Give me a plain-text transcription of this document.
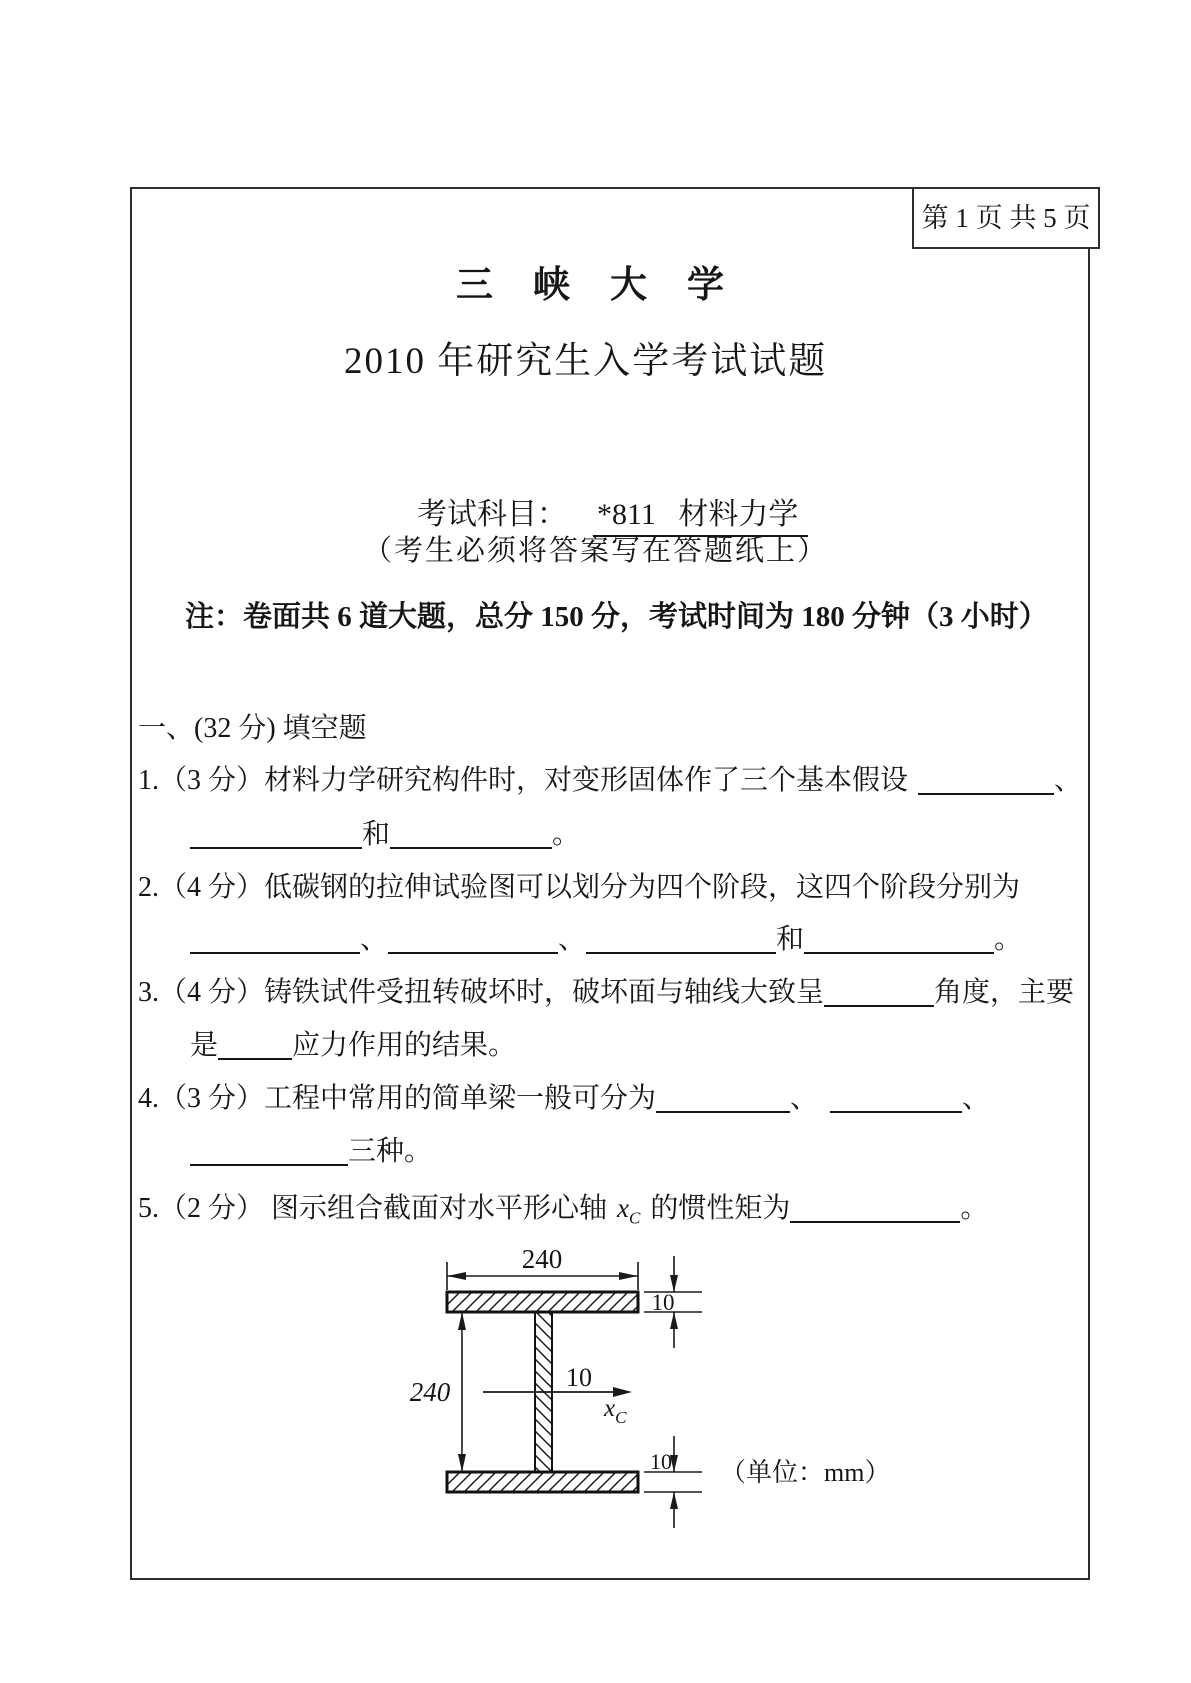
第 1 页 共 5 页
三峡大学
2010 年研究生入学考试试题

考试科目： *811   材料力学

（考生必须将答案写在答题纸上）
注：卷面共 6 道大题，总分 150 分，考试时间为 180 分钟（3 小时）
一、(32 分) 填空题
1.（3 分）材料力学研究构件时，对变形固体作了三个基本假设	、
和	。
2.（4 分）低碳钢的拉伸试验图可以划分为四个阶段，这四个阶段分别为
、	、	和	。
3.（4 分）铸铁试件受扭转破坏时，破坏面与轴线大致呈	角度，主要
是	应力作用的结果。
4.（3 分）工程中常用的简单梁一般可分为	、	、
三种。
5.（2 分） 图示组合截面对水平形心轴 $x_C$ 的惯性矩为	。
240
10
240	10
$x_C$
10 （单位：mm）
